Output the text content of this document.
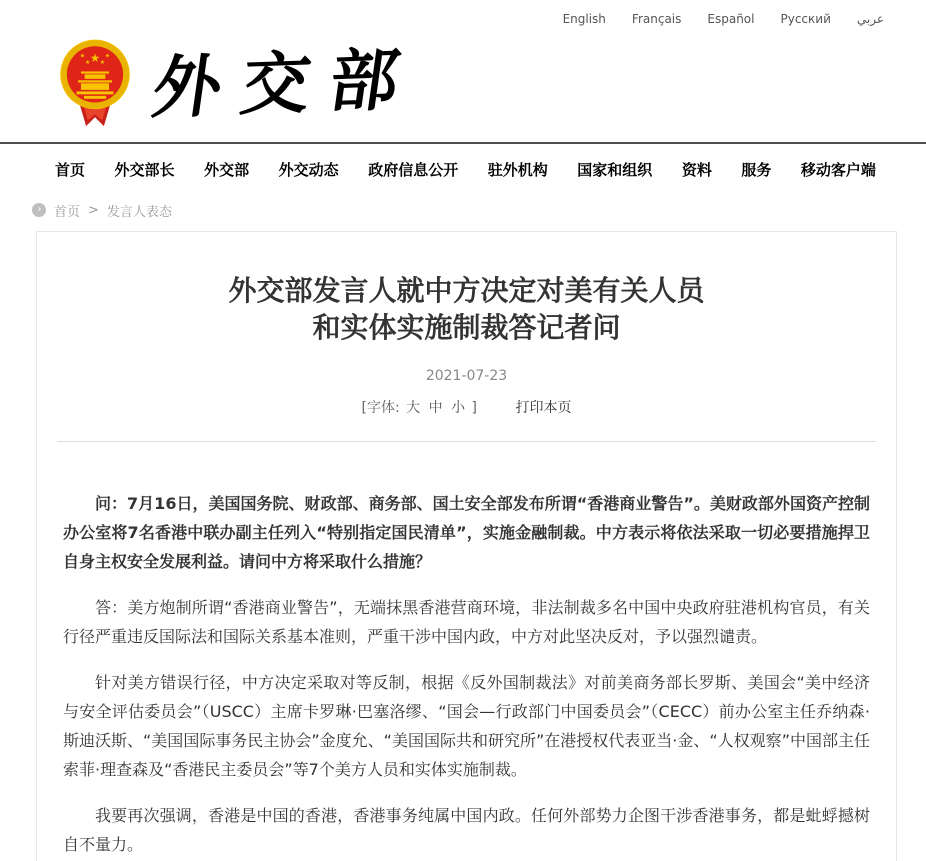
English Français Español Русский عربي
★
★ ★
★ ★ 外交部
首页 外交部长 外交部 外交动态 政府信息公开 驻外机构 国家和组织 资料 服务 移动客户端
› 首页 > 发言人表态
外交部发言人就中方决定对美有关人员
和实体实施制裁答记者问
2021-07-23
[字体: 大 中 小 ]	打印本页

问：7月16日，美国国务院、财政部、商务部、国土安全部发布所谓“香港商业警告”。美财政部外国资产控制办公室将7名香港中联办副主任列入“特别指定国民清单”，实施金融制裁。中方表示将依法采取一切必要措施捍卫自身主权安全发展利益。请问中方将采取什么措施？

答：美方炮制所谓“香港商业警告”，无端抹黑香港营商环境，非法制裁多名中国中央政府驻港机构官员，有关行径严重违反国际法和国际关系基本准则，严重干涉中国内政，中方对此坚决反对，予以强烈谴责。

针对美方错误行径，中方决定采取对等反制，根据《反外国制裁法》对前美商务部长罗斯、美国会“美中经济与安全评估委员会”（USCC）主席卡罗琳·巴塞洛缪、“国会—行政部门中国委员会”（CECC）前办公室主任乔纳森·斯迪沃斯、“美国国际事务民主协会”金度允、“美国国际共和研究所”在港授权代表亚当·金、“人权观察”中国部主任索菲·理查森及“香港民主委员会”等7个美方人员和实体实施制裁。

我要再次强调，香港是中国的香港，香港事务纯属中国内政。任何外部势力企图干涉香港事务，都是蚍蜉撼树自不量力。
